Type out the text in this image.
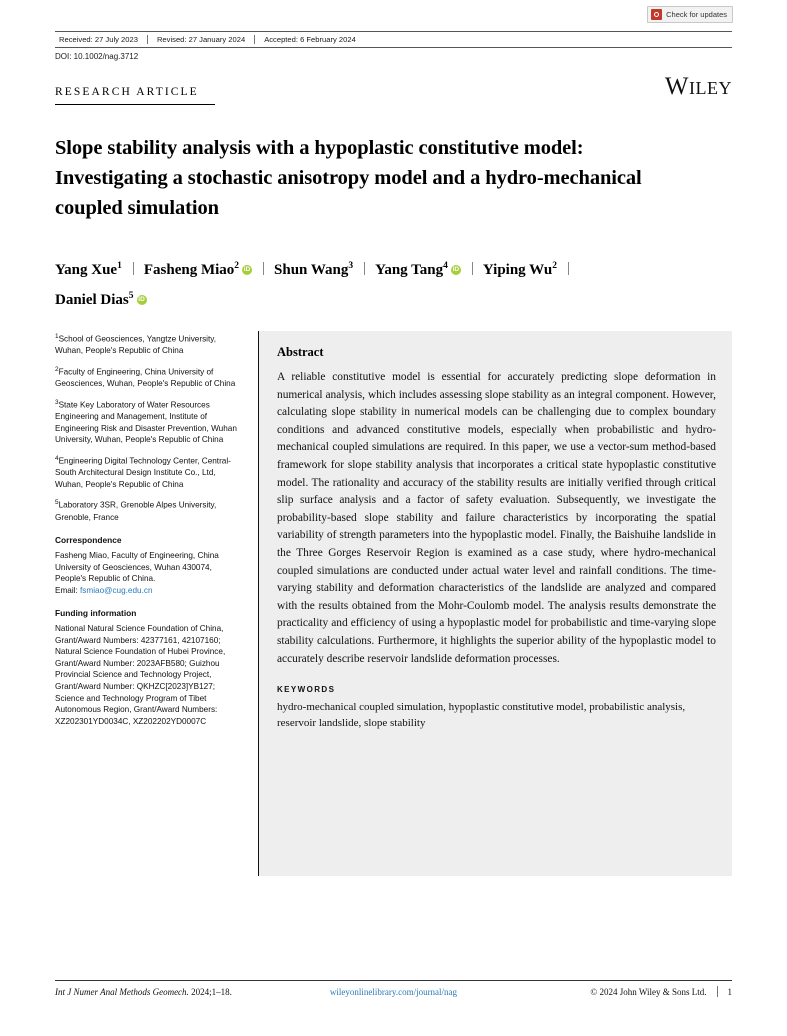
Check for updates
Received: 27 July 2023	Revised: 27 January 2024	Accepted: 6 February 2024
DOI: 10.1002/nag.3712
RESEARCH ARTICLE	WILEY
Slope stability analysis with a hypoplastic constitutive model: Investigating a stochastic anisotropy model and a hydro-mechanical coupled simulation
Yang Xue$^1$ Fasheng Miao$^2$ iD Shun Wang$^3$ Yang Tang$^4$ iD Yiping Wu$^2$
Daniel Dias$^5$iD

$^1$School of Geosciences, Yangtze University, Wuhan, People's Republic of China

$^2$Faculty of Engineering, China University of Geosciences, Wuhan, People's Republic of China

$^3$State Key Laboratory of Water Resources Engineering and Management, Institute of Engineering Risk and Disaster Prevention, Wuhan University, Wuhan, People's Republic of China

$^4$Engineering Digital Technology Center, Central-South Architectural Design Institute Co., Ltd, Wuhan, People's Republic of China

$^5$Laboratory 3SR, Grenoble Alpes University, Grenoble, France

Correspondence

Fasheng Miao, Faculty of Engineering, China University of Geosciences, Wuhan 430074, People's Republic of China.

Email: fsmiao@cug.edu.cn

Funding information

National Natural Science Foundation of China, Grant/Award Numbers: 42377161, 42107160; Natural Science Foundation of Hubei Province, Grant/Award Number: 2023AFB580; Guizhou Provincial Science and Technology Project, Grant/Award Number: QKHZC[2023]YB127; Science and Technology Program of Tibet Autonomous Region, Grant/Award Numbers: XZ202301YD0034C, XZ202202YD0007C

Abstract

A reliable constitutive model is essential for accurately predicting slope deformation in numerical analysis, which includes assessing slope stability as an integral component. However, calculating slope stability in numerical models can be challenging due to complex boundary conditions and advanced constitutive models, especially when probabilistic and hydro-mechanical coupled simulations are required. In this paper, we use a vector-sum method-based framework for slope stability analysis that incorporates a critical state hypoplastic constitutive model. The rationality and accuracy of the stability results are initially verified through critical slip surface analysis and a factor of safety evaluation. Subsequently, we investigate the probability-based slope stability and failure characteristics by incorporating the spatial variability of strength parameters into the hypoplastic model. Finally, the Baishuihe landslide in the Three Gorges Reservoir Region is examined as a case study, where hydro-mechanical coupled simulations are conducted under actual water level and rainfall conditions. The time-varying stability and deformation characteristics of the landslide are analyzed and compared with the results obtained from the Mohr-Coulomb model. The analysis results demonstrate the practicality and efficiency of using a hypoplastic model for probabilistic and time-varying slope stability calculations. Furthermore, it highlights the superior ability of the hypoplastic model to accurately describe reservoir landslide deformation processes.

KEYWORDS
hydro-mechanical coupled simulation, hypoplastic constitutive model, probabilistic analysis, reservoir landslide, slope stability
Int J Numer Anal Methods Geomech. 2024;1–18.	wileyonlinelibrary.com/journal/nag	© 2024 John Wiley & Sons Ltd. 1
